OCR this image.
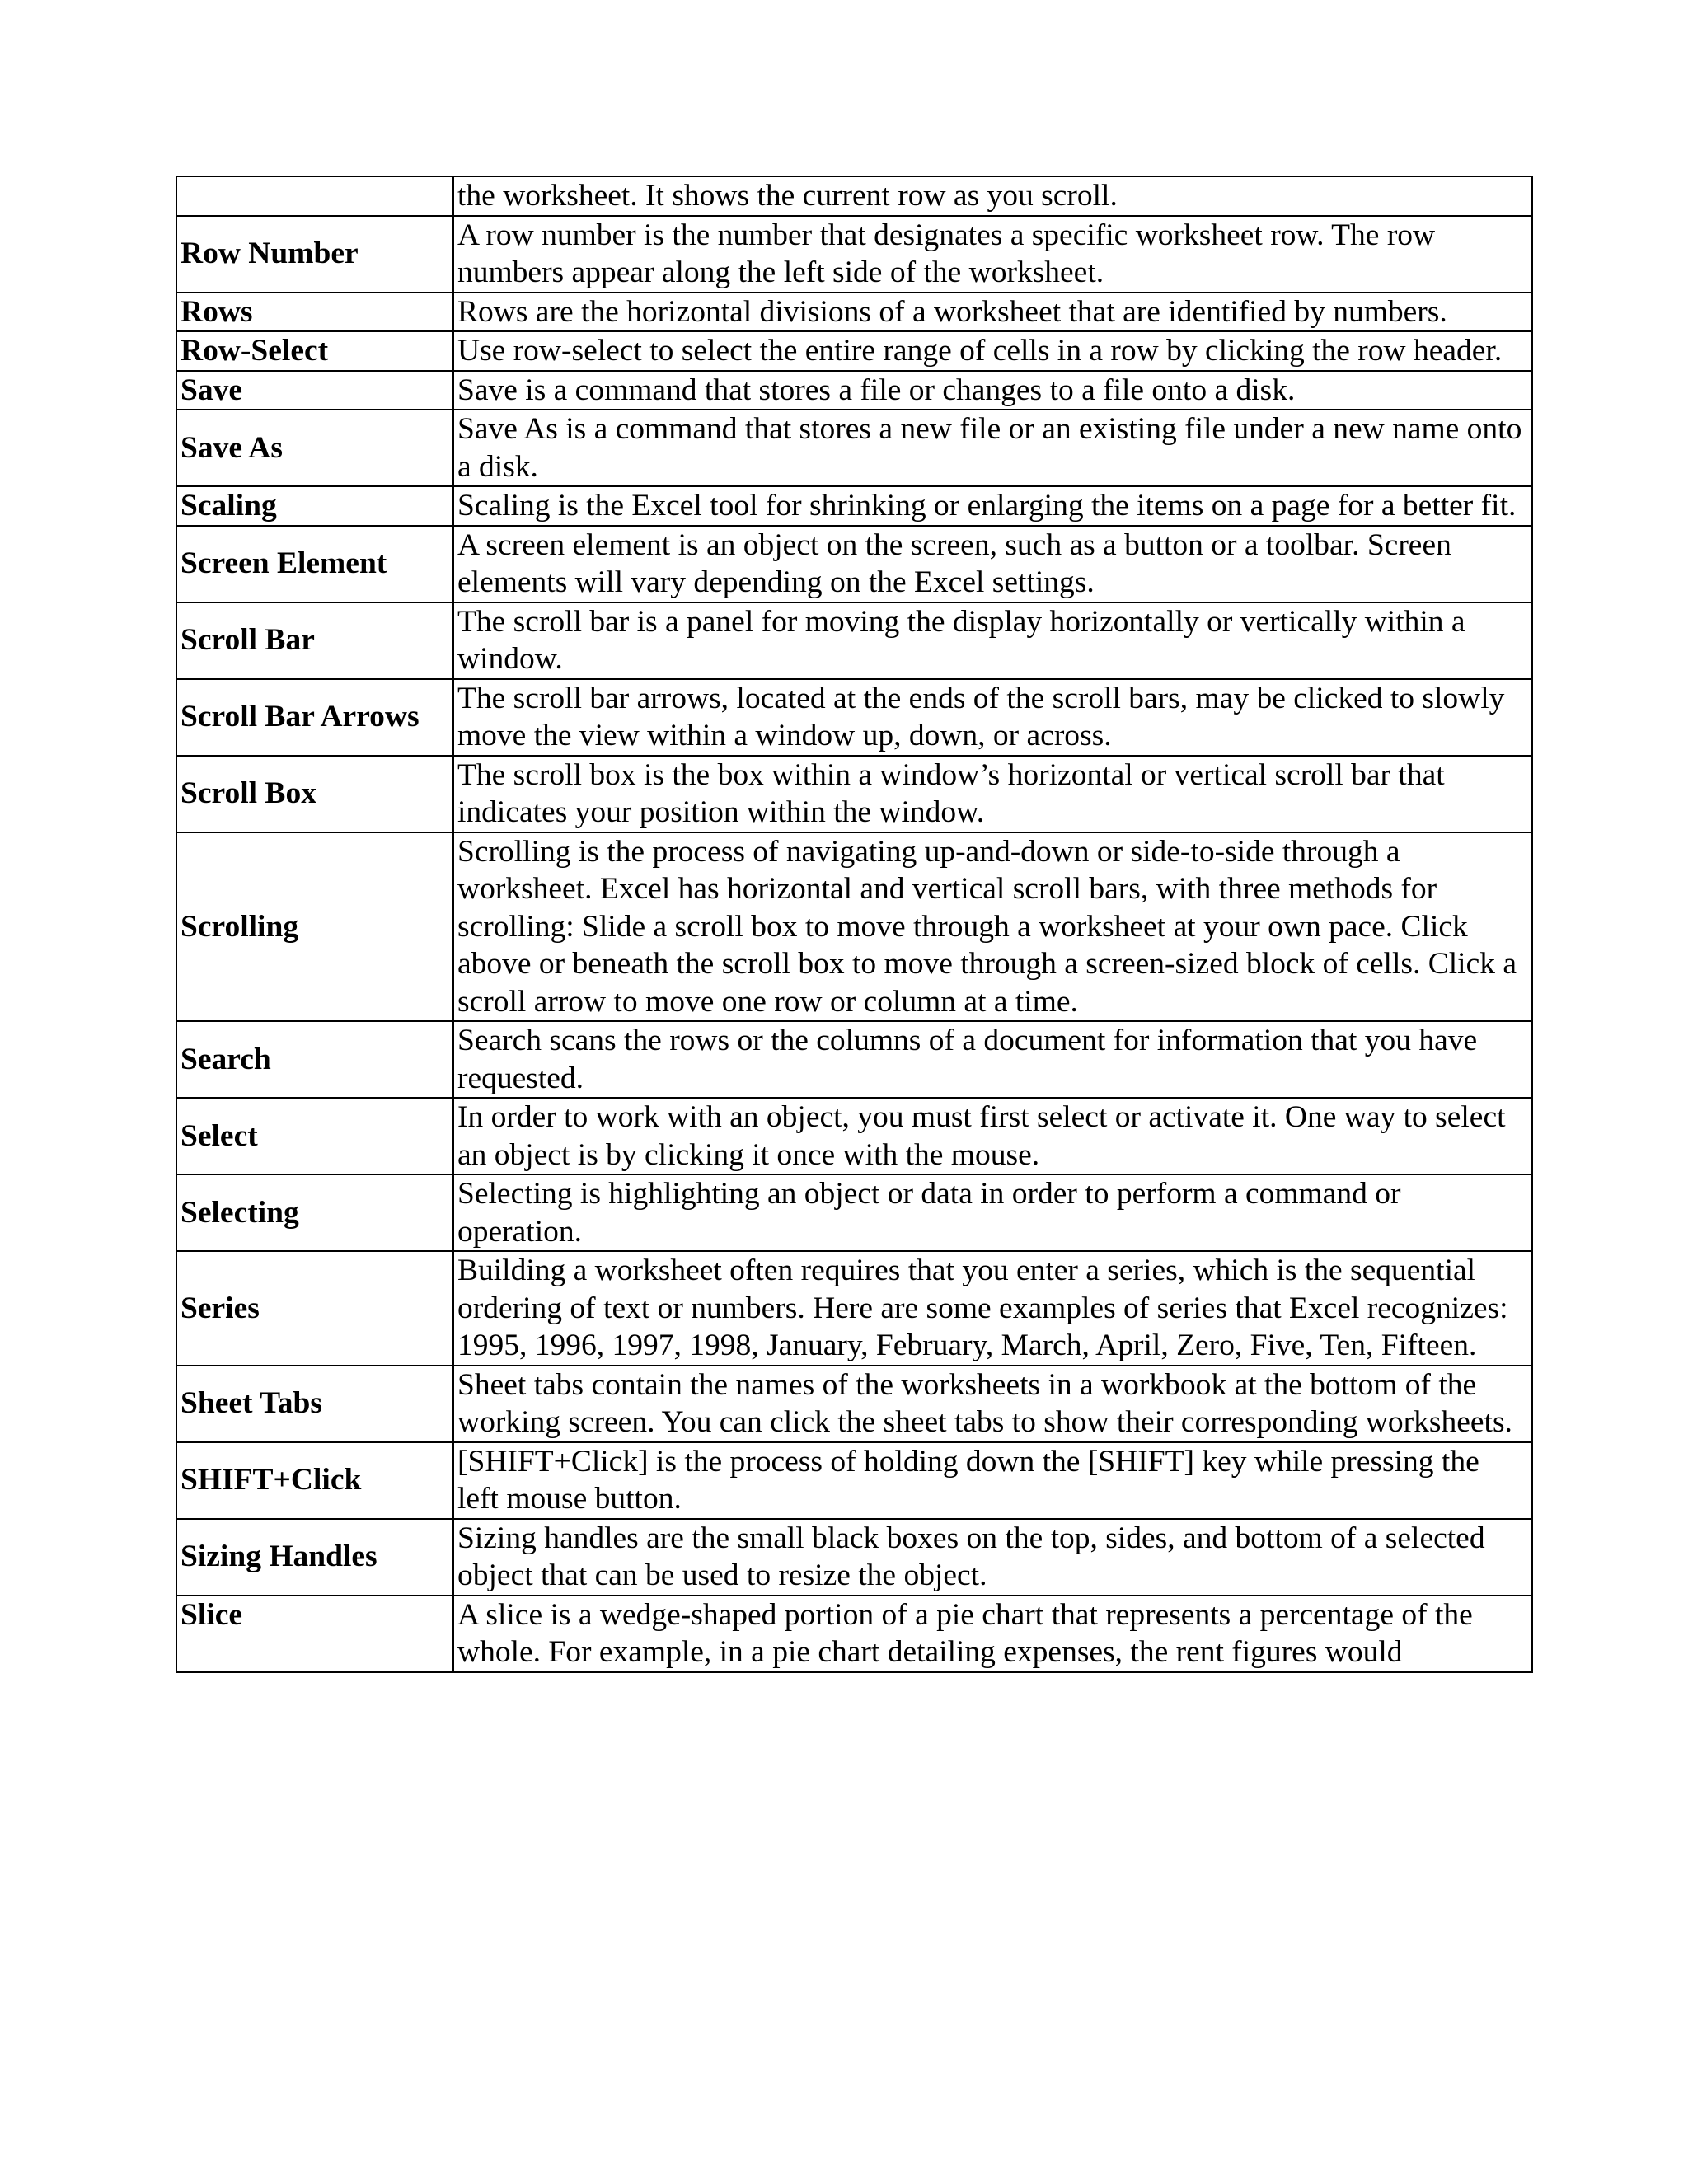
	the worksheet. It shows the current row as you scroll.
Row Number	A row number is the number that designates a specific worksheet row. The row numbers appear along the left side of the worksheet.
Rows	Rows are the horizontal divisions of a worksheet that are identified by numbers.
Row-Select	Use row-select to select the entire range of cells in a row by clicking the row header.
Save	Save is a command that stores a file or changes to a file onto a disk.
Save As	Save As is a command that stores a new file or an existing file under a new name onto a disk.
Scaling	Scaling is the Excel tool for shrinking or enlarging the items on a page for a better fit.
Screen Element	A screen element is an object on the screen, such as a button or a toolbar. Screen elements will vary depending on the Excel settings.
Scroll Bar	The scroll bar is a panel for moving the display horizontally or vertically within a window.
Scroll Bar Arrows	The scroll bar arrows, located at the ends of the scroll bars, may be clicked to slowly move the view within a window up, down, or across.
Scroll Box	The scroll box is the box within a window’s horizontal or vertical scroll bar that indicates your position within the window.
Scrolling	Scrolling is the process of navigating up-and-down or side-to-side through a worksheet. Excel has horizontal and vertical scroll bars, with three methods for scrolling: Slide a scroll box to move through a worksheet at your own pace. Click above or beneath the scroll box to move through a screen-sized block of cells. Click a scroll arrow to move one row or column at a time.
Search	Search scans the rows or the columns of a document for information that you have requested.
Select	In order to work with an object, you must first select or activate it. One way to select an object is by clicking it once with the mouse.
Selecting	Selecting is highlighting an object or data in order to perform a command or operation.
Series	Building a worksheet often requires that you enter a series, which is the sequential ordering of text or numbers. Here are some examples of series that Excel recognizes: 1995, 1996, 1997, 1998, January, February, March, April, Zero, Five, Ten, Fifteen.
Sheet Tabs	Sheet tabs contain the names of the worksheets in a workbook at the bottom of the working screen. You can click the sheet tabs to show their corresponding worksheets.
SHIFT+Click	[SHIFT+Click] is the process of holding down the [SHIFT] key while pressing the left mouse button.
Sizing Handles	Sizing handles are the small black boxes on the top, sides, and bottom of a selected object that can be used to resize the object.
Slice	A slice is a wedge-shaped portion of a pie chart that represents a percentage of the whole. For example, in a pie chart detailing expenses, the rent figures would
